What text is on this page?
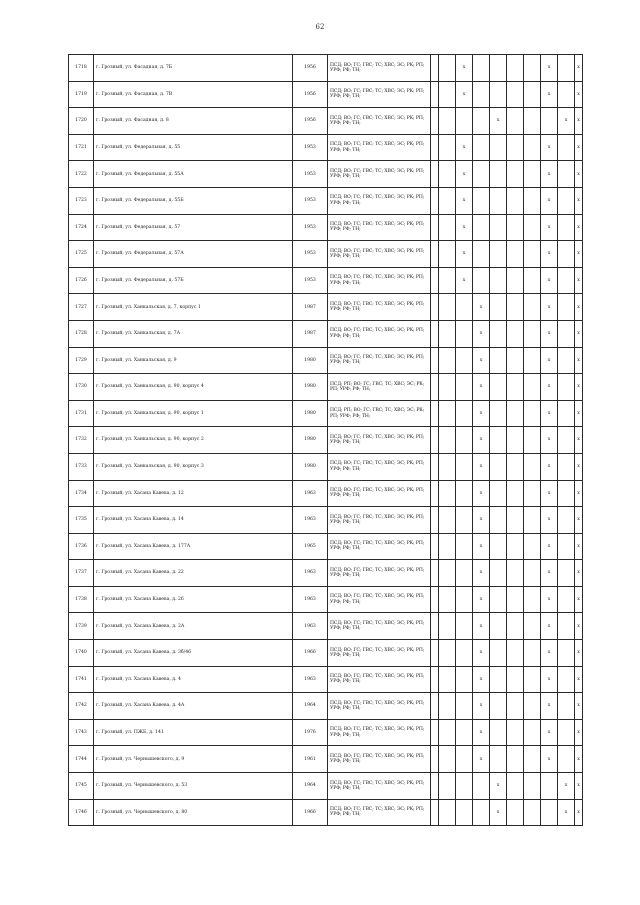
62
1718	г. Грозный, ул. Фасадная, д. 7Б	1956	ПСД; ВО; ГС; ГВС; ТС; ХВС; ЭС; РК; РП; УРФ; РФ; ТН;			x					x		x
1719	г. Грозный, ул. Фасадная, д. 7В	1956	ПСД; ВО; ГС; ГВС; ТС; ХВС; ЭС; РК; РП; УРФ; РФ; ТН;			x					x		x
1720	г. Грозный, ул. Фасадная, д. 8	1956	ПСД; ВО; ГС; ГВС; ТС; ХВС; ЭС; РК; РП; УРФ; РФ; ТН;					x				x	x
1721	г. Грозный, ул. Федеральная, д. 55	1953	ПСД; ВО; ГС; ГВС; ТС; ХВС; ЭС; РК; РП; УРФ; РФ; ТН;			x					x		x
1722	г. Грозный, ул. Федеральная, д. 55А	1953	ПСД; ВО; ГС; ГВС; ТС; ХВС; ЭС; РК; РП; УРФ; РФ; ТН;			x					x		x
1723	г. Грозный, ул. Федеральная, д. 55Б	1953	ПСД; ВО; ГС; ГВС; ТС; ХВС; ЭС; РК; РП; УРФ; РФ; ТН;			x					x		x
1724	г. Грозный, ул. Федеральная, д. 57	1953	ПСД; ВО; ГС; ГВС; ТС; ХВС; ЭС; РК; РП; УРФ; РФ; ТН;			x					x		x
1725	г. Грозный, ул. Федеральная, д. 57А	1953	ПСД; ВО; ГС; ГВС; ТС; ХВС; ЭС; РК; РП; УРФ; РФ; ТН;			x					x		x
1726	г. Грозный, ул. Федеральная, д. 57Б	1953	ПСД; ВО; ГС; ГВС; ТС; ХВС; ЭС; РК; РП; УРФ; РФ; ТН;			x					x		x
1727	г. Грозный, ул. Ханкальская, д. 7, корпус 1	1987	ПСД; ВО; ГС; ГВС; ТС; ХВС; ЭС; РК; РП; УРФ; РФ; ТН;				x				x		x
1728	г. Грозный, ул. Ханкальская, д. 7А	1987	ПСД; ВО; ГС; ГВС; ТС; ХВС; ЭС; РК; РП; УРФ; РФ; ТН;				x				x		x
1729	г. Грозный, ул. Ханкальская, д. 9	1980	ПСД; ВО; ГС; ГВС; ТС; ХВС; ЭС; РК; РП; УРФ; РФ; ТН;				x				x		x
1730	г. Грозный, ул. Ханкальская, д. 90, корпус 4	1980	ПСД; РП; ВО; ГС; ГВС; ТС; ХВС; ЭС; РК; РП; УРФ; РФ; ТН;				x				x		x
1731	г. Грозный, ул. Ханкальская, д. 90, корпус 1	1980	ПСД; РП; ВО; ГС; ГВС; ТС; ХВС; ЭС; РК; РП; УРФ; РФ; ТН;				x				x		x
1732	г. Грозный, ул. Ханкальская, д. 90, корпус 2	1980	ПСД; ВО; ГС; ГВС; ТС; ХВС; ЭС; РК; РП; УРФ; РФ; ТН;				x				x		x
1733	г. Грозный, ул. Ханкальская, д. 90, корпус 3	1980	ПСД; ВО; ГС; ГВС; ТС; ХВС; ЭС; РК; РП; УРФ; РФ; ТН;				x				x		x
1734	г. Грозный, ул. Хасана Кавева, д. 12	1963	ПСД; ВО; ГС; ГВС; ТС; ХВС; ЭС; РК; РП; УРФ; РФ; ТН;				x				x		x
1735	г. Грозный, ул. Хасана Кавева, д. 14	1963	ПСД; ВО; ГС; ГВС; ТС; ХВС; ЭС; РК; РП; УРФ; РФ; ТН;				x				x		x
1736	г. Грозный, ул. Хасана Кавева, д. 177А	1965	ПСД; ВО; ГС; ГВС; ТС; ХВС; ЭС; РК; РП; УРФ; РФ; ТН;				x				x		x
1737	г. Грозный, ул. Хасана Кавева, д. 22	1963	ПСД; ВО; ГС; ГВС; ТС; ХВС; ЭС; РК; РП; УРФ; РФ; ТН;				x				x		x
1738	г. Грозный, ул. Хасана Кавева, д. 26	1963	ПСД; ВО; ГС; ГВС; ТС; ХВС; ЭС; РК; РП; УРФ; РФ; ТН;				x				x		x
1739	г. Грозный, ул. Хасана Кавева, д. 2А	1963	ПСД; ВО; ГС; ГВС; ТС; ХВС; ЭС; РК; РП; УРФ; РФ; ТН;				x				x		x
1740	г. Грозный, ул. Хасана Кавева, д. 3б/46	1966	ПСД; ВО; ГС; ГВС; ТС; ХВС; ЭС; РК; РП; УРФ; РФ; ТН;				x				x		x
1741	г. Грозный, ул. Хасана Кавева, д. 4	1963	ПСД; ВО; ГС; ГВС; ТС; ХВС; ЭС; РК; РП; УРФ; РФ; ТН;				x				x		x
1742	г. Грозный, ул. Хасана Кавева, д. 4А	1964	ПСД; ВО; ГС; ГВС; ТС; ХВС; ЭС; РК; РП; УРФ; РФ; ТН;				x				x		x
1743	г. Грозный, ул. ПЖБ, д. 141	1976	ПСД; ВО; ГС; ГВС; ТС; ХВС; ЭС; РК; РП; УРФ; РФ; ТН;				x				x		x
1744	г. Грозный, ул. Чернышевского, д. 9	1961	ПСД; ВО; ГС; ГВС; ТС; ХВС; ЭС; РК; РП; УРФ; РФ; ТН;				x				x		x
1745	г. Грозный, ул. Чернышевского, д. 53	1964	ПСД; ВО; ГС; ГВС; ТС; ХВС; ЭС; РК; РП; УРФ; РФ; ТН;					x				x	x
1746	г. Грозный, ул. Чернышевского, д. 80	1966	ПСД; ВО; ГС; ГВС; ТС; ХВС; ЭС; РК; РП; УРФ; РФ; ТН;					x				x	x
